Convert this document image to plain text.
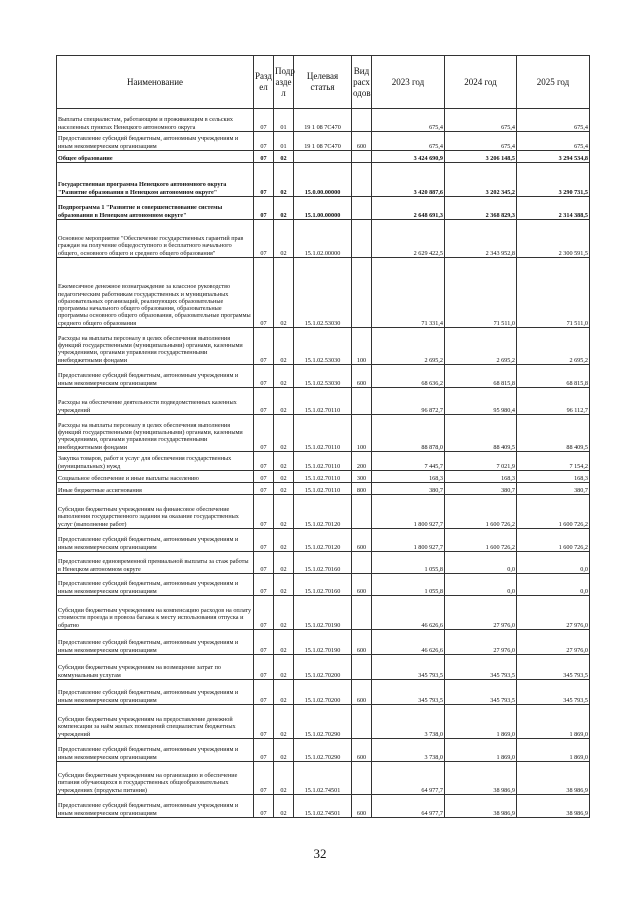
Наименование	Разд ел	Подр азде л	Целевая статья	Вид расх одов	2023 год	2024 год	2025 год
Выплаты специалистам, работающим и проживающим в сельских населенных пунктах Ненецкого автономного округа	07	01	19 1 08 7С470		675,4	675,4	675,4
Предоставление субсидий бюджетным, автономным учреждениям и иным некоммерческим организациям	07	01	19 1 08 7С470	600	675,4	675,4	675,4
Общее образование	07	02			3 424 690,9	3 206 148,5	3 294 534,8
Государственная программа Ненецкого автономного округа "Развитие образования в Ненецком автономном округе"	07	02	15.0.00.00000		3 420 887,6	3 202 345,2	3 290 731,5
Подпрограмма 1 "Развитие и совершенствование системы образования в Ненецком автономном округе"	07	02	15.1.00.00000		2 648 691,3	2 368 829,3	2 314 388,5
Основное мероприятие "Обеспечение государственных гарантий прав граждан на получение общедоступного и бесплатного начального общего, основного общего и среднего общего образования"	07	02	15.1.02.00000		2 629 422,5	2 343 952,8	2 300 591,5
Ежемесячное денежное вознаграждение за классное руководство педагогическим работникам государственных и муниципальных образовательных организаций, реализующих образовательные программы начального общего образования, образовательные программы основного общего образования, образовательные программы среднего общего образования	07	02	15.1.02.53030		71 331,4	71 511,0	71 511,0
Расходы на выплаты персоналу в целях обеспечения выполнения функций государственными (муниципальными) органами, казенными учреждениями, органами управления государственными внебюджетными фондами	07	02	15.1.02.53030	100	2 695,2	2 695,2	2 695,2
Предоставление субсидий бюджетным, автономным учреждениям и иным некоммерческим организациям	07	02	15.1.02.53030	600	68 636,2	68 815,8	68 815,8
Расходы на обеспечение деятельности подведомственных казенных учреждений	07	02	15.1.02.70110		96 872,7	95 980,4	96 112,7
Расходы на выплаты персоналу в целях обеспечения выполнения функций государственными (муниципальными) органами, казенными учреждениями, органами управления государственными внебюджетными фондами	07	02	15.1.02.70110	100	88 878,0	88 409,5	88 409,5
Закупка товаров, работ и услуг для обеспечения государственных (муниципальных) нужд	07	02	15.1.02.70110	200	7 445,7	7 021,9	7 154,2
Социальное обеспечение и иные выплаты населению	07	02	15.1.02.70110	300	168,3	168,3	168,3
Иные бюджетные ассигнования	07	02	15.1.02.70110	800	380,7	380,7	380,7
Субсидии бюджетным учреждениям на финансовое обеспечение выполнения государственного задания на оказание государственных услуг (выполнение работ)	07	02	15.1.02.70120		1 800 927,7	1 600 726,2	1 600 726,2
Предоставление субсидий бюджетным, автономным учреждениям и иным некоммерческим организациям	07	02	15.1.02.70120	600	1 800 927,7	1 600 726,2	1 600 726,2
Предоставление единовременной премиальной выплаты за стаж работы в Ненецком автономном округе	07	02	15.1.02.70160		1 055,8	0,0	0,0
Предоставление субсидий бюджетным, автономным учреждениям и иным некоммерческим организациям	07	02	15.1.02.70160	600	1 055,8	0,0	0,0
Субсидии бюджетным учреждениям на компенсацию расходов на оплату стоимости проезда и провоза багажа к месту использования отпуска и обратно	07	02	15.1.02.70190		46 626,6	27 976,0	27 976,0
Предоставление субсидий бюджетным, автономным учреждениям и иным некоммерческим организациям	07	02	15.1.02.70190	600	46 626,6	27 976,0	27 976,0
Субсидии бюджетным учреждениям на возмещение затрат по коммунальным услугам	07	02	15.1.02.70200		345 793,5	345 793,5	345 793,5
Предоставление субсидий бюджетным, автономным учреждениям и иным некоммерческим организациям	07	02	15.1.02.70200	600	345 793,5	345 793,5	345 793,5
Субсидии бюджетным учреждениям на предоставление денежной компенсации за наём жилых помещений специалистам бюджетных учреждений	07	02	15.1.02.70290		3 738,0	1 869,0	1 869,0
Предоставление субсидий бюджетным, автономным учреждениям и иным некоммерческим организациям	07	02	15.1.02.70290	600	3 738,0	1 869,0	1 869,0
Субсидии бюджетным учреждениям на организацию и обеспечение питания обучающихся в государственных общеобразовательных учреждениях (продукты питания)	07	02	15.1.02.74501		64 977,7	38 986,9	38 986,9
Предоставление субсидий бюджетным, автономным учреждениям и иным некоммерческим организациям	07	02	15.1.02.74501	600	64 977,7	38 986,9	38 986,9
32
